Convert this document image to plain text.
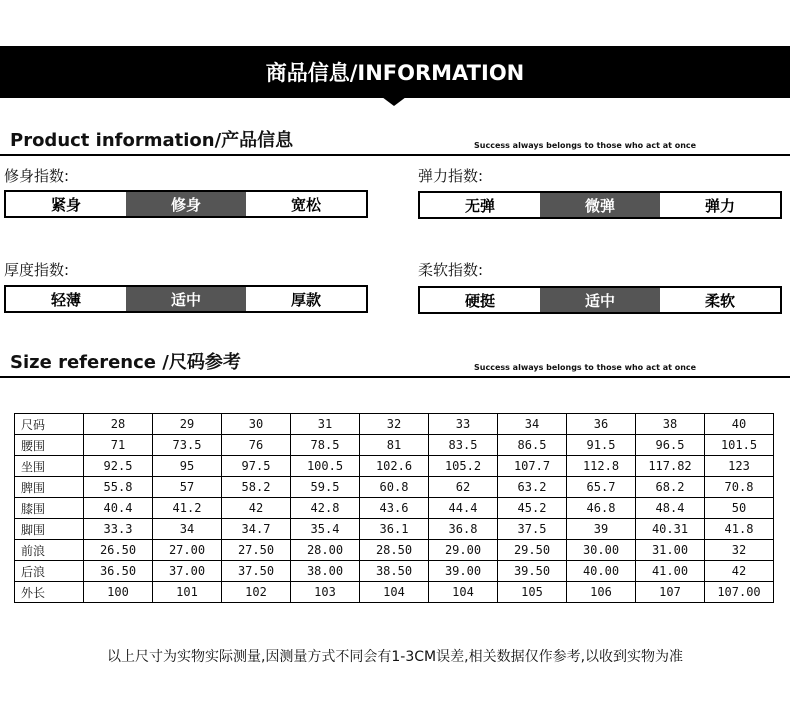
商品信息/INFORMATION
Product information/产品信息	Success always belongs to those who act at once
修身指数:
紧身	修身	宽松
弹力指数:
无弹	微弹	弹力
厚度指数:
轻薄	适中	厚款
柔软指数:
硬挺	适中	柔软
Size reference /尺码参考	Success always belongs to those who act at once
尺码	28	29	30	31	32	33	34	36	38	40
腰围	71	73.5	76	78.5	81	83.5	86.5	91.5	96.5	101.5
坐围	92.5	95	97.5	100.5	102.6	105.2	107.7	112.8	117.82	123
脾围	55.8	57	58.2	59.5	60.8	62	63.2	65.7	68.2	70.8
膝围	40.4	41.2	42	42.8	43.6	44.4	45.2	46.8	48.4	50
脚围	33.3	34	34.7	35.4	36.1	36.8	37.5	39	40.31	41.8
前浪	26.50	27.00	27.50	28.00	28.50	29.00	29.50	30.00	31.00	32
后浪	36.50	37.00	37.50	38.00	38.50	39.00	39.50	40.00	41.00	42
外长	100	101	102	103	104	104	105	106	107	107.00
以上尺寸为实物实际测量,因测量方式不同会有1-3CM误差,相关数据仅作参考,以收到实物为准
